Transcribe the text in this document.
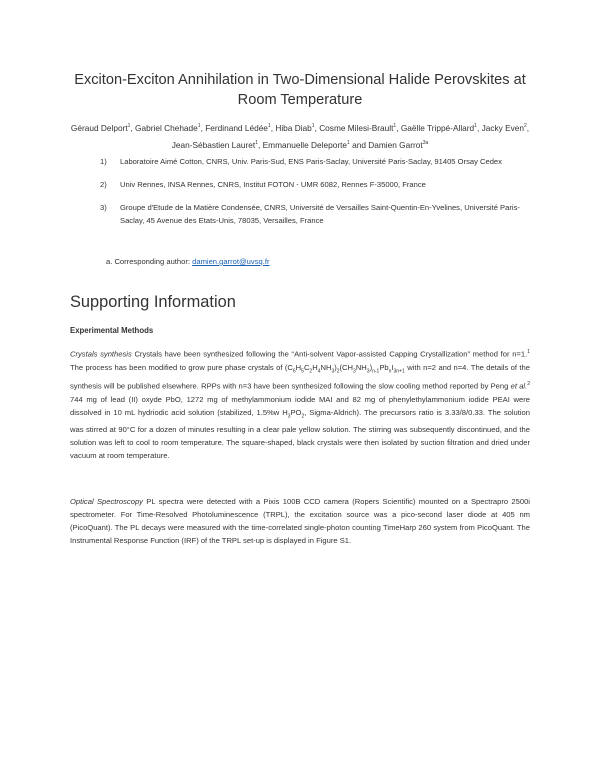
Exciton-Exciton Annihilation in Two-Dimensional Halide Perovskites at
Room Temperature
Géraud Delport$^1$, Gabriel Chehade$^1$, Ferdinand Lédée$^1$, Hiba Diab$^1$, Cosme Milesi-Brault$^1$, Gaëlle Trippé-Allard$^1$, Jacky Even$^2$, Jean-Sébastien Lauret$^1$, Emmanuelle Deleporte$^1$ and Damien Garrot$^{3a}$
1) Laboratoire Aimé Cotton, CNRS, Univ. Paris-Sud, ENS Paris-Saclay, Université Paris-Saclay, 91405 Orsay Cedex
2) Univ Rennes, INSA Rennes, CNRS, Institut FOTON - UMR 6082, Rennes F-35000, France
3) Groupe d'Etude de la Matière Condensée, CNRS, Université de Versailles Saint-Quentin-En-Yvelines, Université Paris-Saclay, 45 Avenue des Etats-Unis, 78035, Versailles, France
a. Corresponding author: damien.garrot@uvsq.fr
Supporting Information
Experimental Methods
Crystals synthesis Crystals have been synthesized following the “Anti-solvent Vapor-assisted Capping Crystallization” method for n=1.$^1$ The process has been modified to grow pure phase crystals of $(C_6H_5C_2H_4NH_3)_2(CH_3NH_3)_{n-1}Pb_nI_{3n+1}$ with n=2 and n=4. The details of the synthesis will be published elsewhere. RPPs with n=3 have been synthesized following the slow cooling method reported by Peng et al.$^2$ 744 mg of lead (II) oxyde PbO, 1272 mg of methylammonium iodide MAI and 82 mg of phenylethylammonium iodide PEAI were dissolved in 10 mL hydriodic acid solution (stabilized, 1.5%w $H_3PO_2$, Sigma-Aldrich). The precursors ratio is 3.33/8/0.33. The solution was stirred at 90°C for a dozen of minutes resulting in a clear pale yellow solution. The stirring was subsequently discontinued, and the solution was left to cool to room temperature. The square-shaped, black crystals were then isolated by suction filtration and dried under vacuum at room temperature.
Optical Spectroscopy PL spectra were detected with a Pixis 100B CCD camera (Ropers Scientific) mounted on a Spectrapro 2500i spectrometer. For Time-Resolved Photoluminescence (TRPL), the excitation source was a pico-second laser diode at 405 nm (PicoQuant). The PL decays were measured with the time-correlated single-photon counting TimeHarp 260 system from PicoQuant. The Instrumental Response Function (IRF) of the TRPL set-up is displayed in Figure S1.
